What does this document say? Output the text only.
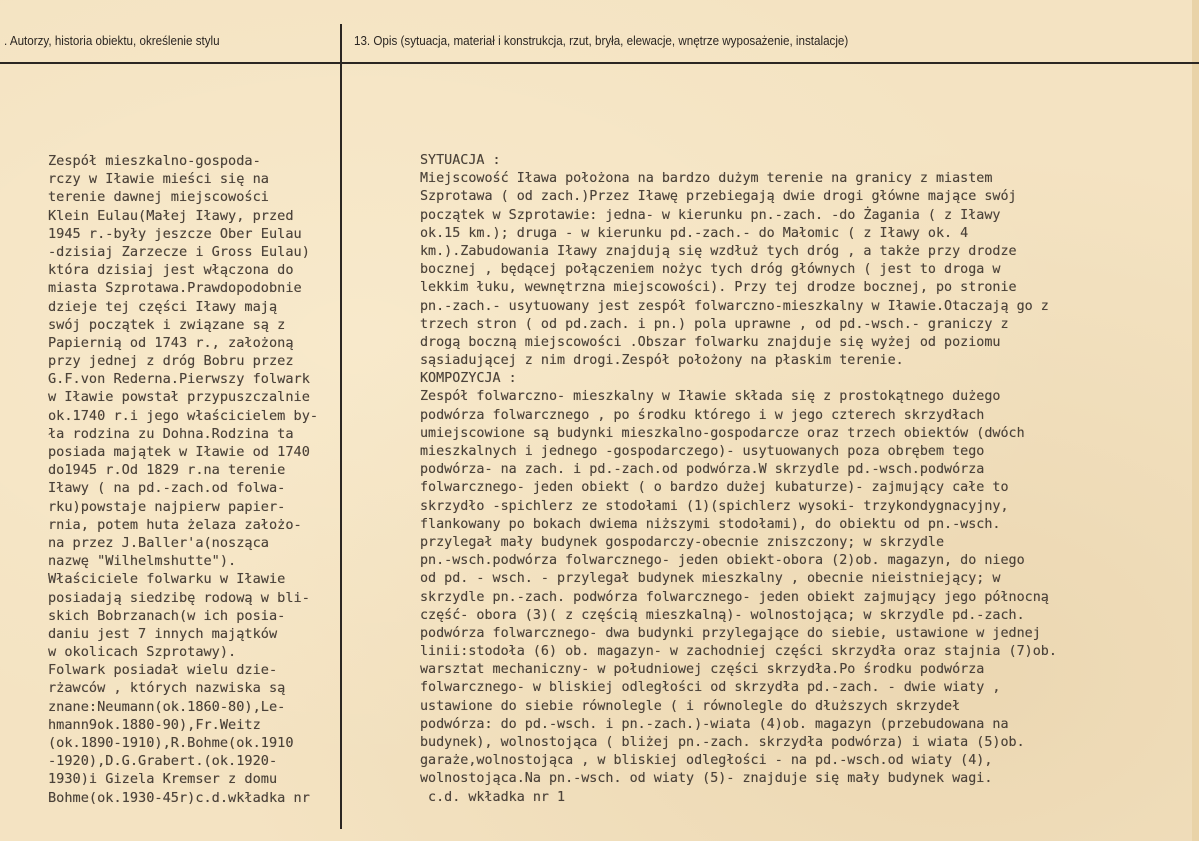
. Autorzy, historia obiektu, określenie stylu	13. Opis (sytuacja, materiał i konstrukcja, rzut, bryła, elewacje, wnętrze wyposażenie, instalacje)
Zespół mieszkalno-gospoda-
rczy w Iławie mieści się na
terenie dawnej miejscowości
Klein Eulau(Małej Iławy, przed
1945 r.-były jeszcze Ober Eulau
-dzisiaj Zarzecze i Gross Eulau)
która dzisiaj jest włączona do
miasta Szprotawa.Prawdopodobnie
dzieje tej części Iławy mają
swój początek i związane są z
Papiernią od 1743 r., założoną
przy jednej z dróg Bobru przez
G.F.von Rederna.Pierwszy folwark
w Iławie powstał przypuszczalnie
ok.1740 r.i jego właścicielem by-
ła rodzina zu Dohna.Rodzina ta
posiada majątek w Iławie od 1740
do1945 r.Od 1829 r.na terenie
Iławy ( na pd.-zach.od folwa-
rku)powstaje najpierw papier-
rnia, potem huta żelaza założo-
na przez J.Baller'a(nosząca
nazwę "Wilhelmshutte").
Właściciele folwarku w Iławie
posiadają siedzibę rodową w bli-
skich Bobrzanach(w ich posia-
daniu jest 7 innych majątków
w okolicach Szprotawy).
Folwark posiadał wielu dzie-
rżawców , których nazwiska są
znane:Neumann(ok.1860-80),Le-
hmann9ok.1880-90),Fr.Weitz
(ok.1890-1910),R.Bohme(ok.1910
-1920),D.G.Grabert.(ok.1920-
1930)i Gizela Kremser z domu
Bohme(ok.1930-45r)c.d.wkładka nr
SYTUACJA :
Miejscowość Iława położona na bardzo dużym terenie na granicy z miastem
Szprotawa ( od zach.)Przez Iławę przebiegają dwie drogi główne mające swój
początek w Szprotawie: jedna- w kierunku pn.-zach. -do Żagania ( z Iławy
ok.15 km.); druga - w kierunku pd.-zach.- do Małomic ( z Iławy ok. 4
km.).Zabudowania Iławy znajdują się wzdłuż tych dróg , a także przy drodze
bocznej , będącej połączeniem nożyc tych dróg głównych ( jest to droga w
lekkim łuku, wewnętrzna miejscowości). Przy tej drodze bocznej, po stronie
pn.-zach.- usytuowany jest zespół folwarczno-mieszkalny w Iławie.Otaczają go z
trzech stron ( od pd.zach. i pn.) pola uprawne , od pd.-wsch.- graniczy z
drogą boczną miejscowości .Obszar folwarku znajduje się wyżej od poziomu
sąsiadującej z nim drogi.Zespół położony na płaskim terenie.
KOMPOZYCJA :
Zespół folwarczno- mieszkalny w Iławie składa się z prostokątnego dużego
podwórza folwarcznego , po środku którego i w jego czterech skrzydłach
umiejscowione są budynki mieszkalno-gospodarcze oraz trzech obiektów (dwóch
mieszkalnych i jednego -gospodarczego)- usytuowanych poza obrębem tego
podwórza- na zach. i pd.-zach.od podwórza.W skrzydle pd.-wsch.podwórza
folwarcznego- jeden obiekt ( o bardzo dużej kubaturze)- zajmujący całe to
skrzydło -spichlerz ze stodołami (1)(spichlerz wysoki- trzykondygnacyjny,
flankowany po bokach dwiema niższymi stodołami), do obiektu od pn.-wsch.
przylegał mały budynek gospodarczy-obecnie zniszczony; w skrzydle
pn.-wsch.podwórza folwarcznego- jeden obiekt-obora (2)ob. magazyn, do niego
od pd. - wsch. - przylegał budynek mieszkalny , obecnie nieistniejący; w
skrzydle pn.-zach. podwórza folwarcznego- jeden obiekt zajmujący jego północną
część- obora (3)( z częścią mieszkalną)- wolnostojąca; w skrzydle pd.-zach.
podwórza folwarcznego- dwa budynki przylegające do siebie, ustawione w jednej
linii:stodoła (6) ob. magazyn- w zachodniej części skrzydła oraz stajnia (7)ob.
warsztat mechaniczny- w południowej części skrzydła.Po środku podwórza
folwarcznego- w bliskiej odległości od skrzydła pd.-zach. - dwie wiaty ,
ustawione do siebie równolegle ( i równolegle do dłuższych skrzydeł
podwórza: do pd.-wsch. i pn.-zach.)-wiata (4)ob. magazyn (przebudowana na
budynek), wolnostojąca ( bliżej pn.-zach. skrzydła podwórza) i wiata (5)ob.
garaże,wolnostojąca , w bliskiej odległości - na pd.-wsch.od wiaty (4),
wolnostojąca.Na pn.-wsch. od wiaty (5)- znajduje się mały budynek wagi.
c.d. wkładka nr 1
